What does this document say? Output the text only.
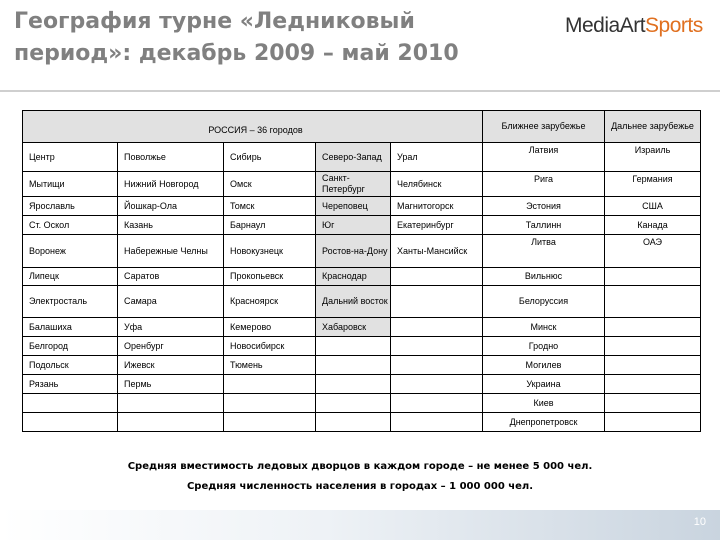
География турне «Ледниковый период»: декабрь 2009 – май 2010
MediaArtSports
РОССИЯ – 36 городов					Ближнее зарубежье	Дальнее зарубежье
Центр	Поволжье	Сибирь	Северо-Запад	Урал	Латвия	Израиль
Мытищи	Нижний Новгород	Омск	Санкт-Петербург	Челябинск	Рига	Германия
Ярославль	Йошкар-Ола	Томск	Череповец	Магнитогорск	Эстония	США
Ст. Оскол	Казань	Барнаул	Юг	Екатеринбург	Таллинн	Канада
Воронеж	Набережные Челны	Новокузнецк	Ростов-на-Дону	Ханты-Мансийск	Литва	ОАЭ
Липецк	Саратов	Прокопьевск	Краснодар		Вильнюс	
Электросталь	Самара	Красноярск	Дальний восток		Белоруссия	
Балашиха	Уфа	Кемерово	Хабаровск		Минск	
Белгород	Оренбург	Новосибирск			Гродно	
Подольск	Ижевск	Тюмень			Могилев	
Рязань	Пермь				Украина	
					Киев	
					Днепропетровск	
Средняя вместимость ледовых дворцов в каждом городе – не менее 5 000 чел.
Средняя численность населения в городах – 1 000 000 чел.
10
